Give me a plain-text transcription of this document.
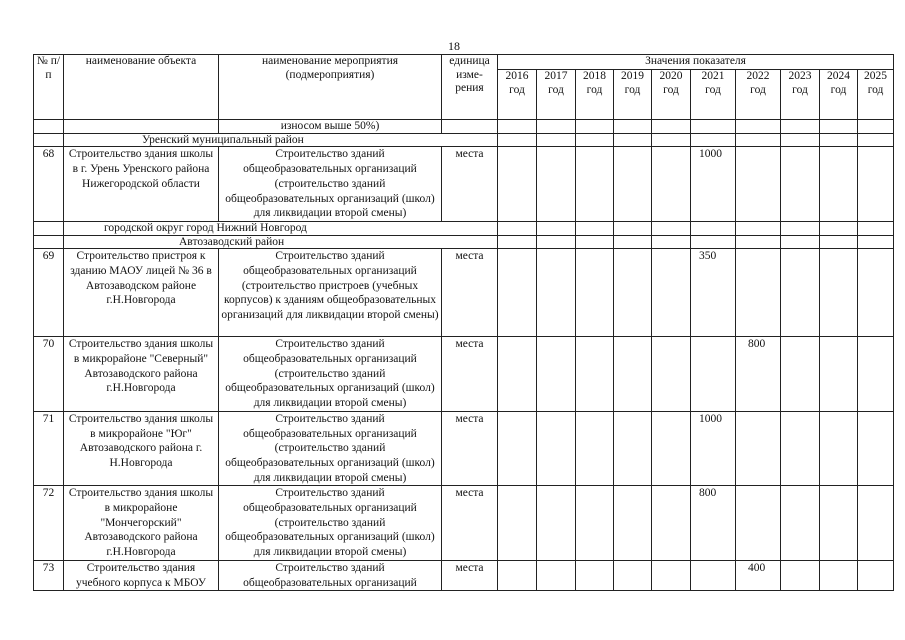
18
№ п/п	наименование объекта	наименование мероприятия (подмероприятия)	единица изме-рения	Значения показателя									
				2016 год	2017 год	2018 год	2019 год	2020 год	2021 год	2022 год	2023 год	2024 год	2025 год
		износом выше 50%)											
	Уренский муниципальный район												
68	Строительство здания школы в г. Урень Уренского района Нижегородской области	Строительство зданий общеобразовательных организаций (строительство зданий общеобразовательных организаций (школ) для ликвидации второй смены)	места						1000				
	городской округ город Нижний Новгород												
	Автозаводский район												
69	Строительство пристроя к зданию МАОУ лицей № 36 в Автозаводском районе г.Н.Новгорода	Строительство зданий общеобразовательных организаций (строительство пристроев (учебных корпусов) к зданиям общеобразовательных организаций для ликвидации второй смены)	места						350				
70	Строительство здания школы в микрорайоне "Северный" Автозаводского района г.Н.Новгорода	Строительство зданий общеобразовательных организаций (строительство зданий общеобразовательных организаций (школ) для ликвидации второй смены)	места							800			
71	Строительство здания школы в микрорайоне "Юг" Автозаводского района г. Н.Новгорода	Строительство зданий общеобразовательных организаций (строительство зданий общеобразовательных организаций (школ) для ликвидации второй смены)	места						1000				
72	Строительство здания школы в микрорайоне "Мончегорский" Автозаводского района г.Н.Новгорода	Строительство зданий общеобразовательных организаций (строительство зданий общеобразовательных организаций (школ) для ликвидации второй смены)	места						800				
73	Строительство здания учебного корпуса к МБОУ	Строительство зданий общеобразовательных организаций	места							400			
